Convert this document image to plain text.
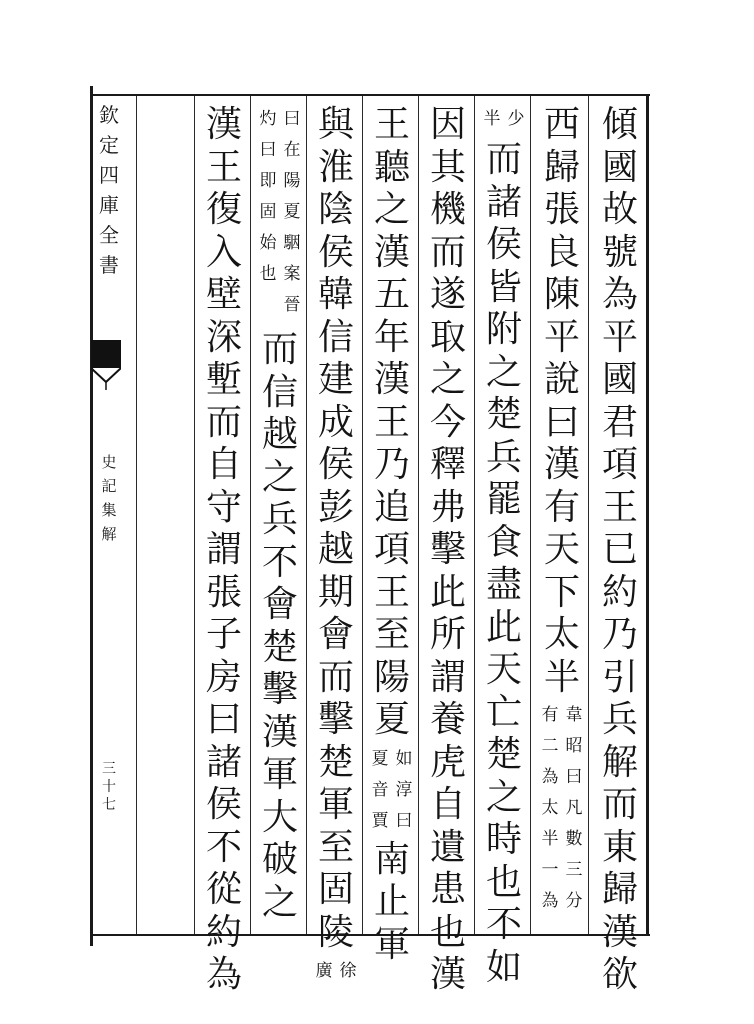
欽
定
四
庫
全
書
史
記
集
解
三
十
七
傾
國
故
號
為
平
國
君
項
王
已
約
乃
引
兵
解
而
東
歸
漢
欲
西
歸
張
良
陳
平
說
曰
漢
有
天
下
太
半
有
二
為
太
半
一
為
韋
昭
曰
凡
數
三
分
半 少
而
諸
侯
皆
附
之
楚
兵
罷
食
盡
此
天
亡
楚
之
時
也
不
如
因
其
機
而
遂
取
之
今
釋
弗
擊
此
所
謂
養
虎
自
遺
患
也
漢
王
聽
之
漢
五
年
漢
王
乃
追
項
王
至
陽
夏
夏
音
賈
如
淳
曰
南
止
軍
與
淮
陰
侯
韓
信
建
成
侯
彭
越
期
會
而
擊
楚
軍
至
固
陵
廣 徐
灼
曰
即
固
始
也
曰
在
陽
夏
駰
案
晉
而
信
越
之
兵
不
會
楚
擊
漢
軍
大
破
之
漢
王
復
入
壁
深
塹
而
自
守
謂
張
子
房
曰
諸
侯
不
從
約
為
